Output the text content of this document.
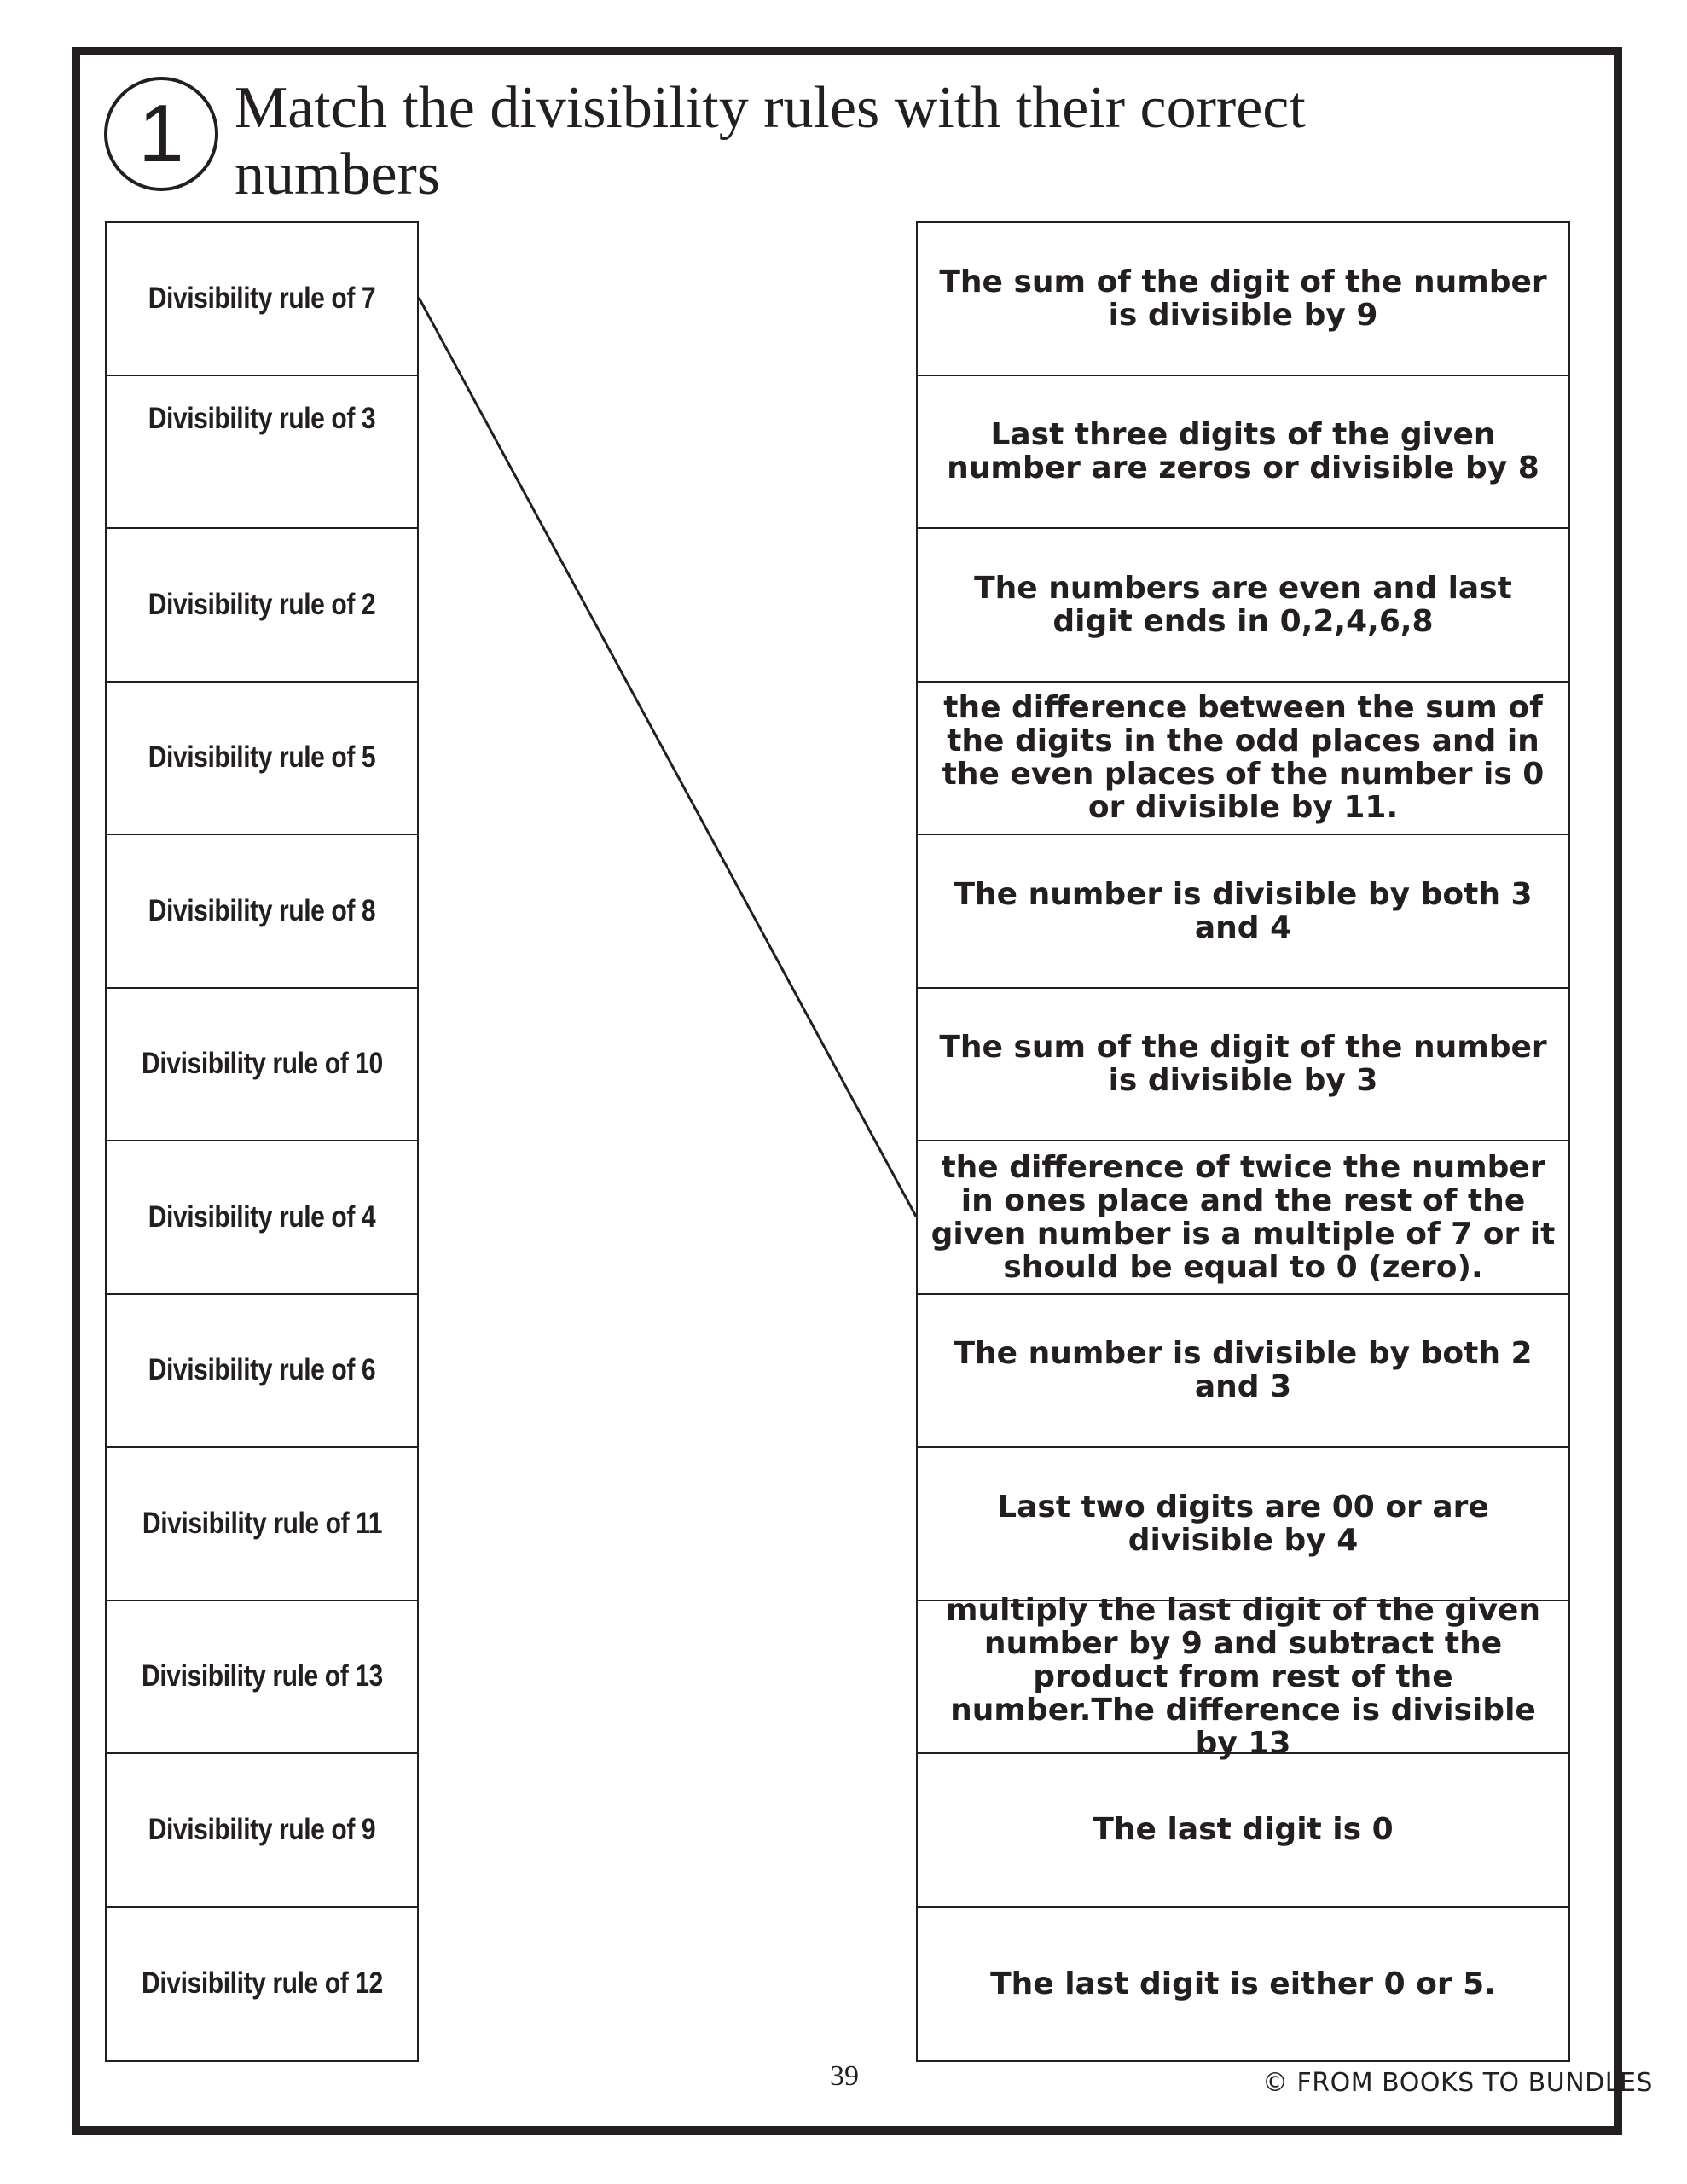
1 Match the divisibility rules with their correct numbers
Divisibility rule of 7
Divisibility rule of 3
Divisibility rule of 2
Divisibility rule of 5
Divisibility rule of 8
Divisibility rule of 10
Divisibility rule of 4
Divisibility rule of 6
Divisibility rule of 11
Divisibility rule of 13
Divisibility rule of 9
Divisibility rule of 12
The sum of the digit of the number is divisible by 9
Last three digits of the given number are zeros or divisible by 8
The numbers are even and last digit ends in 0,2,4,6,8
the difference between the sum of the digits in the odd places and in the even places of the number is 0 or divisible by 11.
The number is divisible by both 3 and 4
The sum of the digit of the number is divisible by 3
the difference of twice the number in ones place and the rest of the given number is a multiple of 7 or it should be equal to 0 (zero).
The number is divisible by both 2 and 3
Last two digits are 00 or are divisible by 4
multiply the last digit of the given number by 9 and subtract the product from rest of the number.The difference is divisible by 13
The last digit is 0
The last digit is either 0 or 5.
39	© FROM BOOKS TO BUNDLES
